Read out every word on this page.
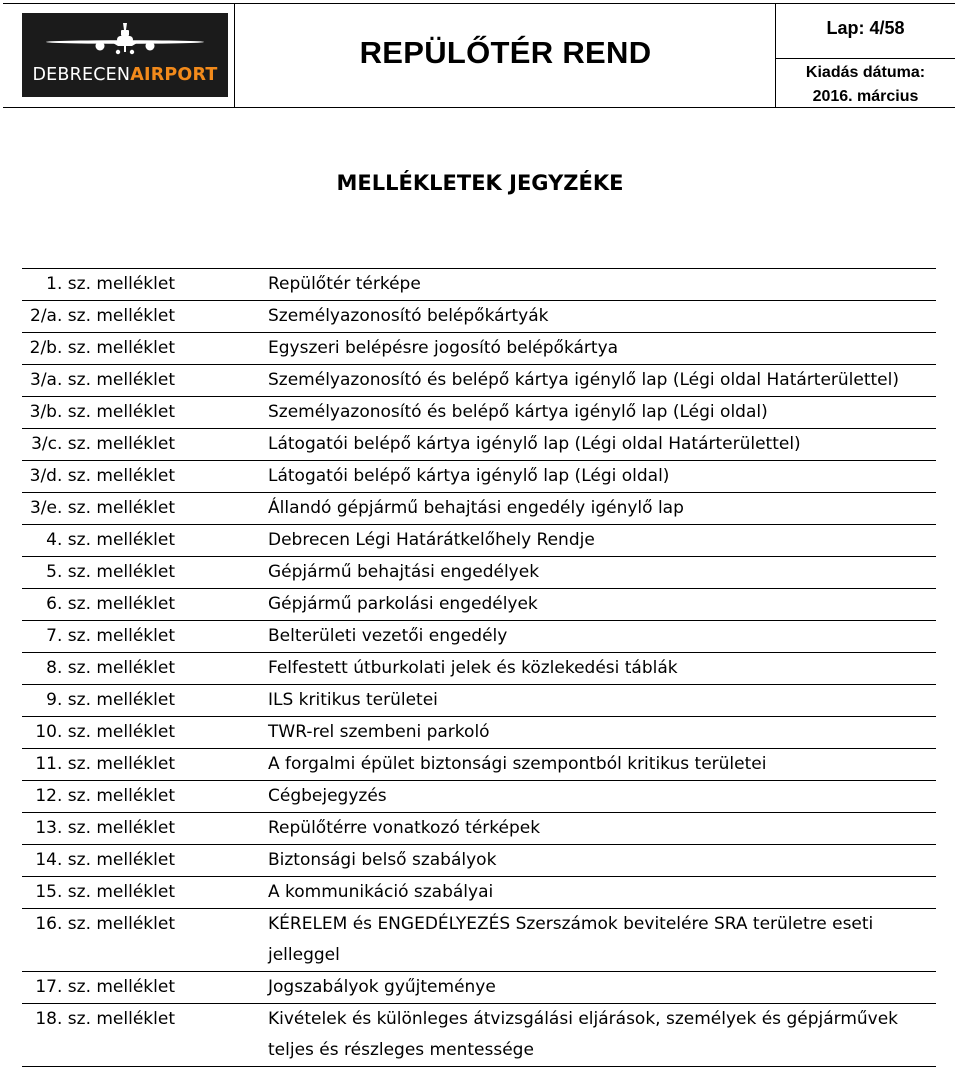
DEBRECENAIRPORT
REPÜLŐTÉR REND
Lap: 4/58
Kiadás dátuma:
2016. március
MELLÉKLETEK JEGYZÉKE
1. sz. melléklet	Repülőtér térképe
2/a. sz. melléklet	Személyazonosító belépőkártyák
2/b. sz. melléklet	Egyszeri belépésre jogosító belépőkártya
3/a. sz. melléklet	Személyazonosító és belépő kártya igénylő lap (Légi oldal Határterülettel)
3/b. sz. melléklet	Személyazonosító és belépő kártya igénylő lap (Légi oldal)
3/c. sz. melléklet	Látogatói belépő kártya igénylő lap (Légi oldal Határterülettel)
3/d. sz. melléklet	Látogatói belépő kártya igénylő lap (Légi oldal)
3/e. sz. melléklet	Állandó gépjármű behajtási engedély igénylő lap
4. sz. melléklet	Debrecen Légi Határátkelőhely Rendje
5. sz. melléklet	Gépjármű behajtási engedélyek
6. sz. melléklet	Gépjármű parkolási engedélyek
7. sz. melléklet	Belterületi vezetői engedély
8. sz. melléklet	Felfestett útburkolati jelek és közlekedési táblák
9. sz. melléklet	ILS kritikus területei
10. sz. melléklet	TWR-rel szembeni parkoló
11. sz. melléklet	A forgalmi épület biztonsági szempontból kritikus területei
12. sz. melléklet	Cégbejegyzés
13. sz. melléklet	Repülőtérre vonatkozó térképek
14. sz. melléklet	Biztonsági belső szabályok
15. sz. melléklet	A kommunikáció szabályai
16. sz. melléklet	KÉRELEM és ENGEDÉLYEZÉS Szerszámok bevitelére SRA területre eseti jelleggel
17. sz. melléklet	Jogszabályok gyűjteménye
18. sz. melléklet	Kivételek és különleges átvizsgálási eljárások, személyek és gépjárművek teljes és részleges mentessége
